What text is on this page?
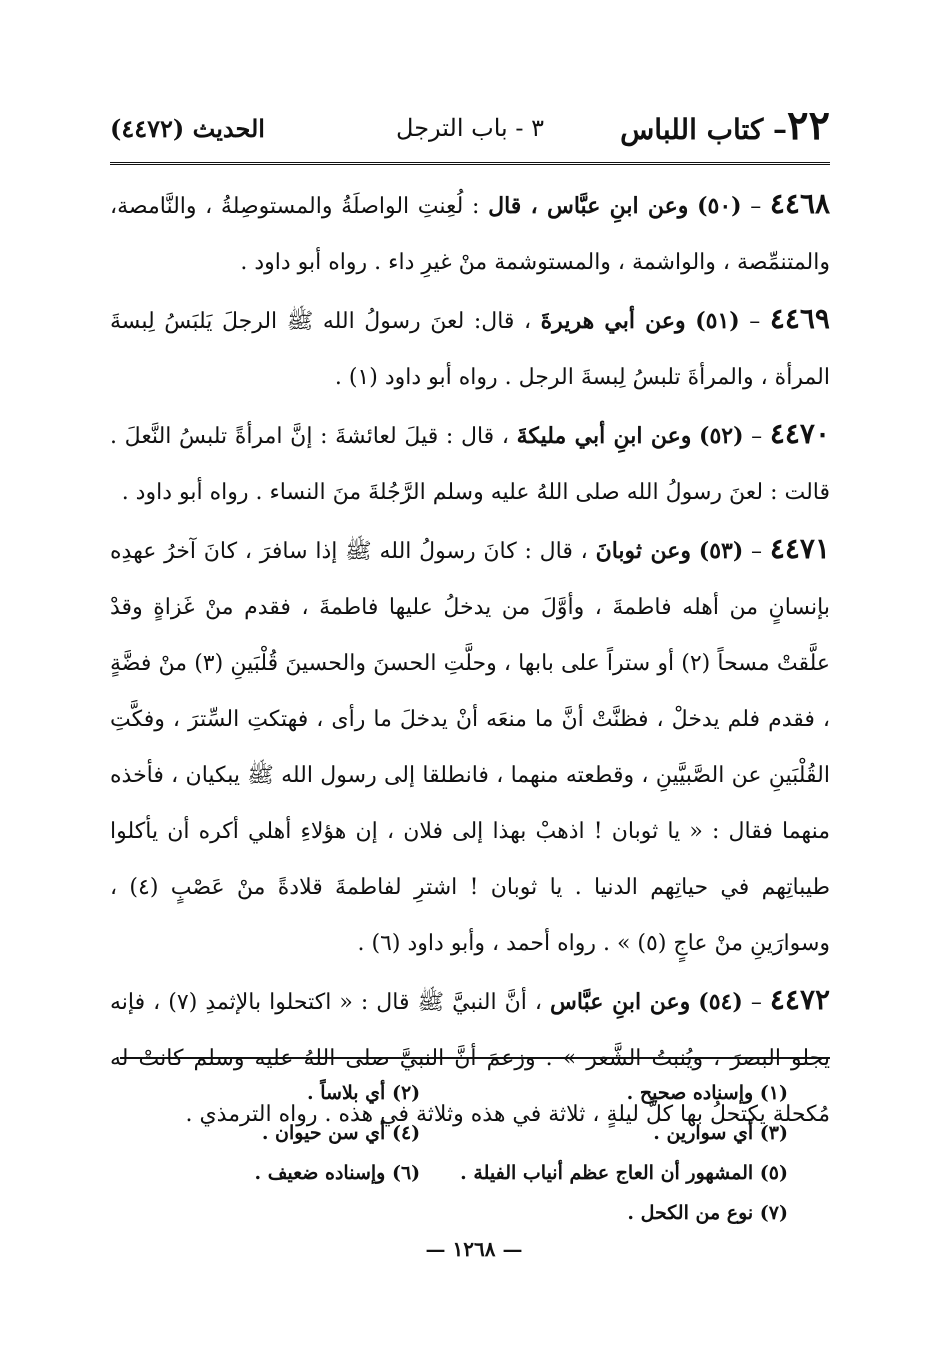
٢٢– كتاب اللباس
٣ - باب الترجل
الحديث (٤٤٧٢)

٤٤٦٨ – (٥٠) وعن ابنِ عبَّاس ، قال : لُعِنتِ الواصلَةُ والمستوصِلةُ ، والنَّامصة، والمتنمِّصة ، والواشمة ، والمستوشمة منْ غيرِ داء . رواه أبو داود .

٤٤٦٩ – (٥١) وعن أبي هريرةَ ، قال: لعنَ رسولُ الله ﷺ الرجلَ يَلبَسُ لِبسةَ المرأة ، والمرأةَ تلبسُ لِبسةَ الرجل . رواه أبو داود (١) .

٤٤٧٠ – (٥٢) وعن ابنِ أبي مليكةَ ، قال : قيلَ لعائشةَ : إنَّ امرأةً تلبسُ النَّعلَ . قالت : لعنَ رسولُ الله صلى اللهُ عليه وسلم الرَّجُلةَ منَ النساء . رواه أبو داود .

٤٤٧١ – (٥٣) وعن ثوبانَ ، قال : كانَ رسولُ الله ﷺ إذا سافرَ ، كانَ آخرُ عهدِه بإنسانٍ من أهله فاطمةَ ، وأوَّلَ من يدخلُ عليها فاطمةَ ، فقدم منْ غَزاةٍ وقدْ علَّقتْ مسحاً (٢) أو ستراً على بابها ، وحلَّتِ الحسنَ والحسينَ قُلْبَينِ (٣) منْ فضَّةٍ ، فقدم فلم يدخلْ ، فظنَّتْ أنَّ ما منعَه أنْ يدخلَ ما رأى ، فهتكتِ السِّترَ ، وفكَّتِ القُلْبَينِ عن الصَّبيَّينِ ، وقطعته منهما ، فانطلقا إلى رسول الله ﷺ يبكيان ، فأخذه منهما فقال : « يا ثوبان ! اذهبْ بهذا إلى فلان ، إن هؤلاءِ أهلي أكره أن يأكلوا طيباتِهم في حياتِهم الدنيا . يا ثوبان ! اشترِ لفاطمةَ قلادةً منْ عَصْبٍ (٤) ، وسوارَينِ منْ عاجٍ (٥) » . رواه أحمد ، وأبو داود (٦) .

٤٤٧٢ – (٥٤) وعن ابنِ عبَّاس ، أنَّ النبيَّ ﷺ قال : « اكتحلوا بالإثمدِ (٧) ، فإنه يجلو البصرَ ، ويُنبتُ الشَّعر » . وزعمَ أنَّ النبيَّ صلى اللهُ عليه وسلم كانتْ له مُكحلة يكتحلُ بها كلَّ ليلةٍ ، ثلاثة في هذه وثلاثة في هذه . رواه الترمذي .

(١) وإسناده صحيح .
(٢) أي بلاساً .
(٣) أي سوارين .
(٤) أي سن حيوان .
(٥) المشهور أن العاج عظم أنياب الفيلة .
(٦) وإسناده ضعيف .
(٧) نوع من الكحل .
— ١٢٦٨ —
